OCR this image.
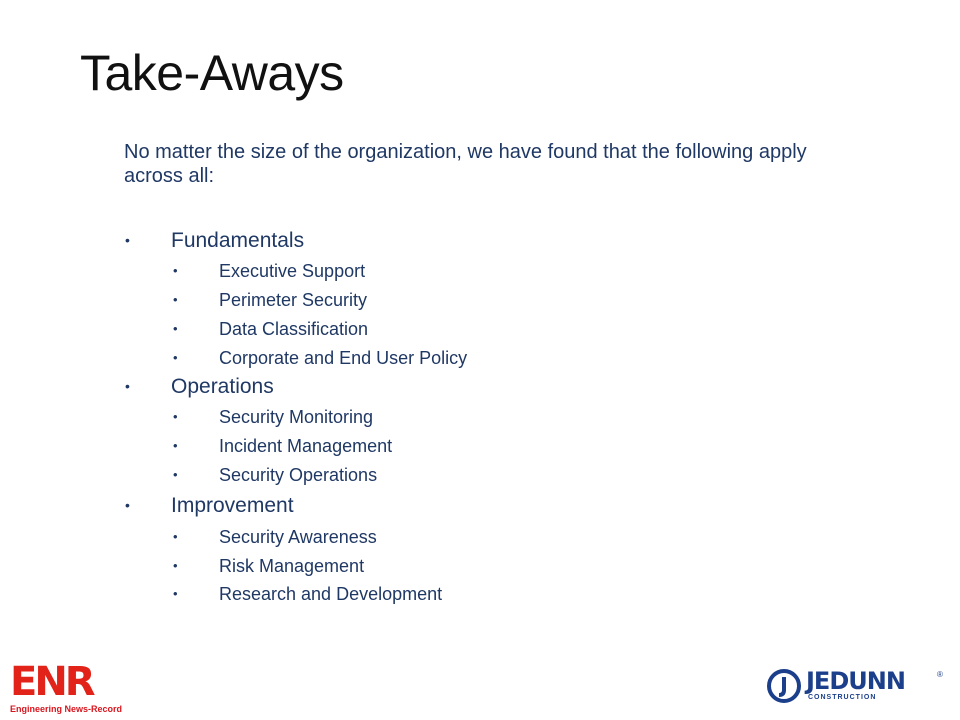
Take-Aways
No matter the size of the organization, we have found that the following apply across all:
• Fundamentals
• Executive Support
• Perimeter Security
• Data Classification
• Corporate and End User Policy
• Operations
• Security Monitoring
• Incident Management
• Security Operations
• Improvement
• Security Awareness
• Risk Management
• Research and Development
ENR
Engineering News-Record
JEDUNN	®
CONSTRUCTION
